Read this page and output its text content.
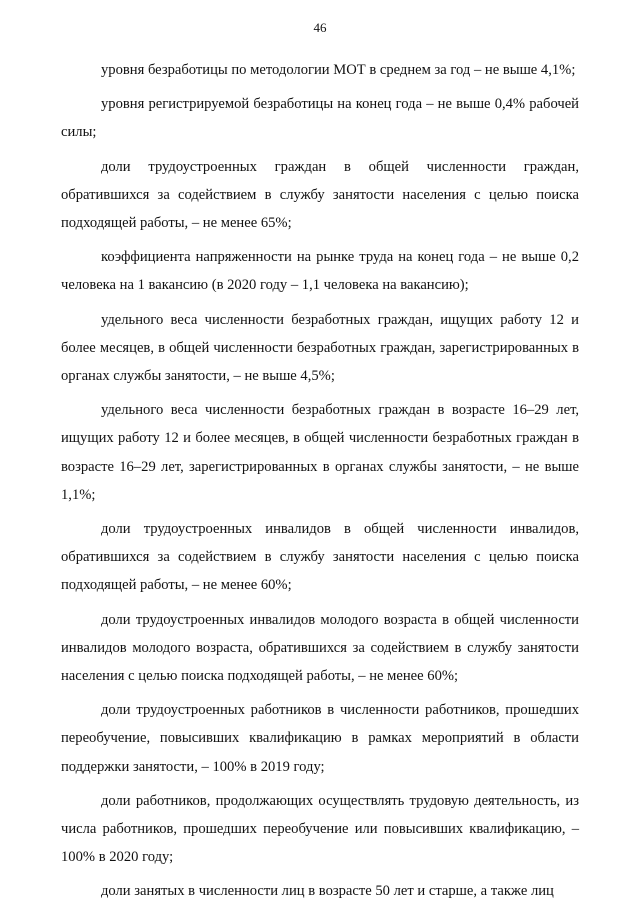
46

уровня безработицы по методологии МОТ в среднем за год – не выше 4,1%;

уровня регистрируемой безработицы на конец года – не выше 0,4% рабочей силы;

доли трудоустроенных граждан в общей численности граждан, обратившихся за содействием в службу занятости населения с целью поиска подходящей работы, – не менее 65%;

коэффициента напряженности на рынке труда на конец года – не выше 0,2 человека на 1 вакансию (в 2020 году – 1,1 человека на вакансию);

удельного веса численности безработных граждан, ищущих работу 12 и более месяцев, в общей численности безработных граждан, зарегистрированных в органах службы занятости, – не выше 4,5%;

удельного веса численности безработных граждан в возрасте 16–29 лет, ищущих работу 12 и более месяцев, в общей численности безработных граждан в возрасте 16–29 лет, зарегистрированных в органах службы занятости, – не выше 1,1%;

доли трудоустроенных инвалидов в общей численности инвалидов, обратившихся за содействием в службу занятости населения с целью поиска подходящей работы, – не менее 60%;

доли трудоустроенных инвалидов молодого возраста в общей численности инвалидов молодого возраста, обратившихся за содействием в службу занятости населения с целью поиска подходящей работы, – не менее 60%;

доли трудоустроенных работников в численности работников, прошедших переобучение, повысивших квалификацию в рамках мероприятий в области поддержки занятости, – 100% в 2019 году;

доли работников, продолжающих осуществлять трудовую деятельность, из числа работников, прошедших переобучение или повысивших квалификацию, – 100% в 2020 году;

доли занятых в численности лиц в возрасте 50 лет и старше, а также лиц
